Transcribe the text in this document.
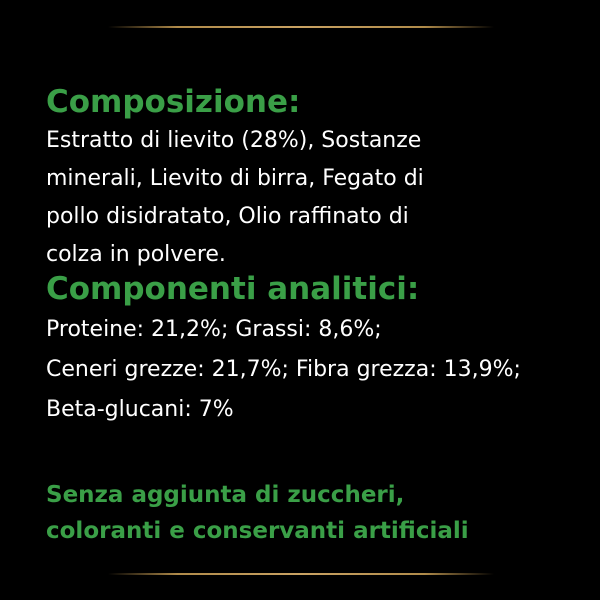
Composizione:
Estratto di lievito (28%), Sostanze
minerali, Lievito di birra, Fegato di
pollo disidratato, Olio raffinato di
colza in polvere.
Componenti analitici:
Proteine: 21,2%; Grassi: 8,6%;
Ceneri grezze: 21,7%; Fibra grezza: 13,9%;
Beta-glucani: 7%
Senza aggiunta di zuccheri,
coloranti e conservanti artificiali
